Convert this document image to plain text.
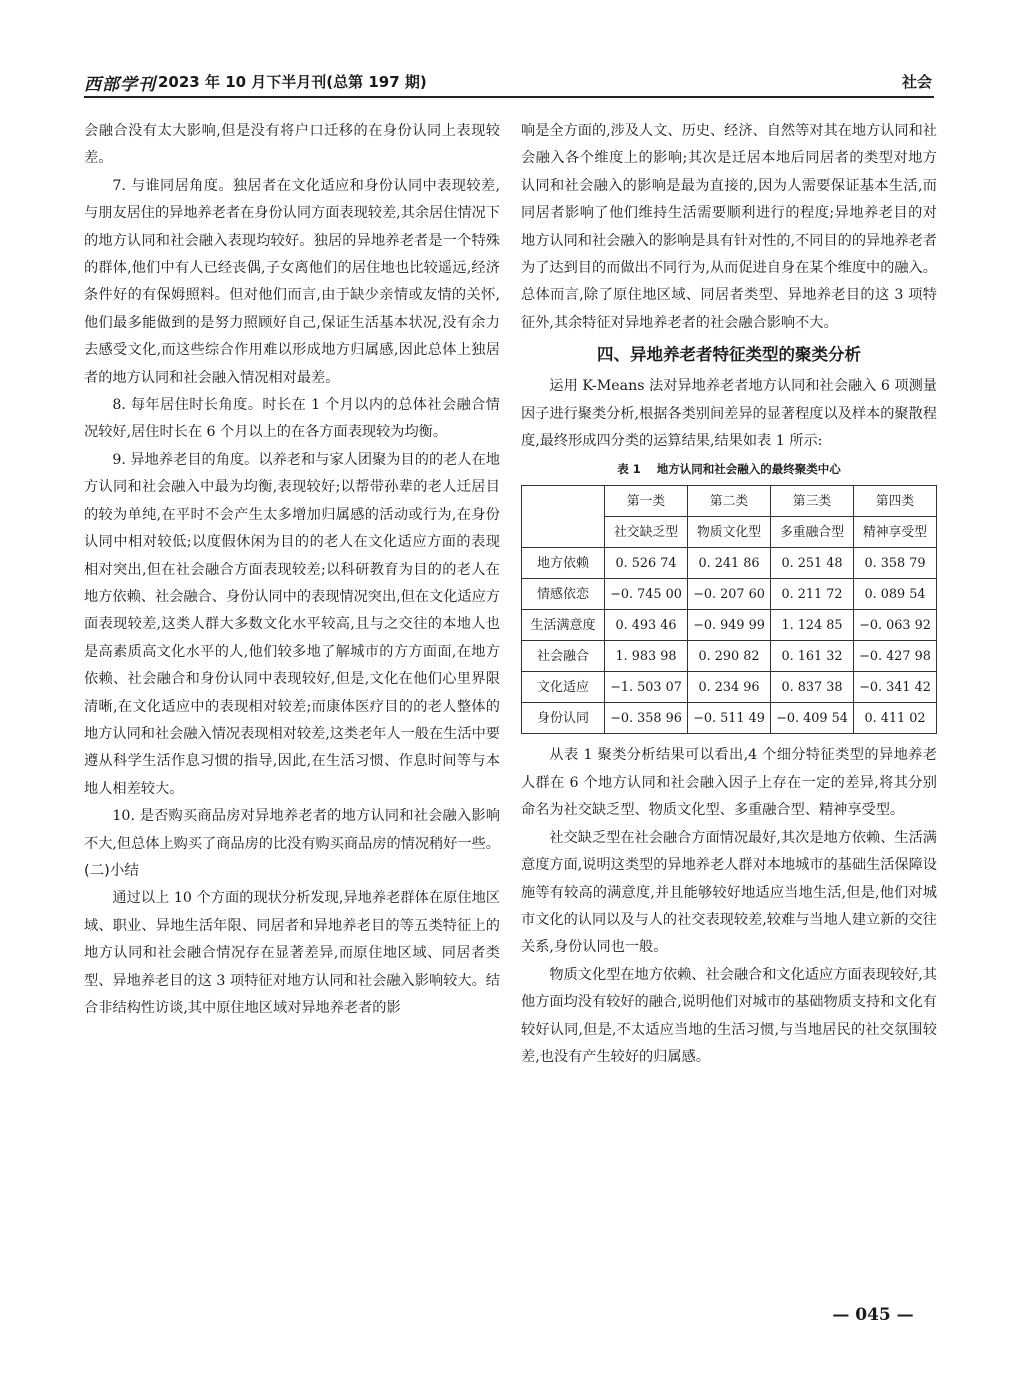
西部学刊 2023 年 10 月下半月刊(总第 197 期)	社会

会融合没有太大影响,但是没有将户口迁移的在身份认同上表现较差。

7. 与谁同居角度。独居者在文化适应和身份认同中表现较差,与朋友居住的异地养老者在身份认同方面表现较差,其余居住情况下的地方认同和社会融入表现均较好。独居的异地养老者是一个特殊的群体,他们中有人已经丧偶,子女离他们的居住地也比较遥远,经济条件好的有保姆照料。但对他们而言,由于缺少亲情或友情的关怀,他们最多能做到的是努力照顾好自己,保证生活基本状况,没有余力去感受文化,而这些综合作用难以形成地方归属感,因此总体上独居者的地方认同和社会融入情况相对最差。

8. 每年居住时长角度。时长在 1 个月以内的总体社会融合情况较好,居住时长在 6 个月以上的在各方面表现较为均衡。

9. 异地养老目的角度。以养老和与家人团聚为目的的老人在地方认同和社会融入中最为均衡,表现较好;以帮带孙辈的老人迁居目的较为单纯,在平时不会产生太多增加归属感的活动或行为,在身份认同中相对较低;以度假休闲为目的的老人在文化适应方面的表现相对突出,但在社会融合方面表现较差;以科研教育为目的的老人在地方依赖、社会融合、身份认同中的表现情况突出,但在文化适应方面表现较差,这类人群大多数文化水平较高,且与之交往的本地人也是高素质高文化水平的人,他们较多地了解城市的方方面面,在地方依赖、社会融合和身份认同中表现较好,但是,文化在他们心里界限清晰,在文化适应中的表现相对较差;而康体医疗目的的老人整体的地方认同和社会融入情况表现相对较差,这类老年人一般在生活中要遵从科学生活作息习惯的指导,因此,在生活习惯、作息时间等与本地人相差较大。

10. 是否购买商品房对异地养老者的地方认同和社会融入影响不大,但总体上购买了商品房的比没有购买商品房的情况稍好一些。

(二)小结

通过以上 10 个方面的现状分析发现,异地养老群体在原住地区域、职业、异地生活年限、同居者和异地养老目的等五类特征上的地方认同和社会融合情况存在显著差异,而原住地区域、同居者类型、异地养老目的这 3 项特征对地方认同和社会融入影响较大。结合非结构性访谈,其中原住地区域对异地养老者的影

响是全方面的,涉及人文、历史、经济、自然等对其在地方认同和社会融入各个维度上的影响;其次是迁居本地后同居者的类型对地方认同和社会融入的影响是最为直接的,因为人需要保证基本生活,而同居者影响了他们维持生活需要顺利进行的程度;异地养老目的对地方认同和社会融入的影响是具有针对性的,不同目的的异地养老者为了达到目的而做出不同行为,从而促进自身在某个维度中的融入。总体而言,除了原住地区域、同居者类型、异地养老目的这 3 项特征外,其余特征对异地养老者的社会融合影响不大。

四、异地养老者特征类型的聚类分析

运用 K-Means 法对异地养老者地方认同和社会融入 6 项测量因子进行聚类分析,根据各类别间差异的显著程度以及样本的聚散程度,最终形成四分类的运算结果,结果如表 1 所示:

表 1 地方认同和社会融入的最终聚类中心
	第一类	第二类	第三类	第四类
	社交缺乏型	物质文化型	多重融合型	精神享受型
地方依赖	0. 526 74	0. 241 86	0. 251 48	0. 358 79
情感依恋	−0. 745 00	−0. 207 60	0. 211 72	0. 089 54
生活满意度	0. 493 46	−0. 949 99	1. 124 85	−0. 063 92
社会融合	1. 983 98	0. 290 82	0. 161 32	−0. 427 98
文化适应	−1. 503 07	0. 234 96	0. 837 38	−0. 341 42
身份认同	−0. 358 96	−0. 511 49	−0. 409 54	0. 411 02

从表 1 聚类分析结果可以看出,4 个细分特征类型的异地养老人群在 6 个地方认同和社会融入因子上存在一定的差异,将其分别命名为社交缺乏型、物质文化型、多重融合型、精神享受型。

社交缺乏型在社会融合方面情况最好,其次是地方依赖、生活满意度方面,说明这类型的异地养老人群对本地城市的基础生活保障设施等有较高的满意度,并且能够较好地适应当地生活,但是,他们对城市文化的认同以及与人的社交表现较差,较难与当地人建立新的交往关系,身份认同也一般。

物质文化型在地方依赖、社会融合和文化适应方面表现较好,其他方面均没有较好的融合,说明他们对城市的基础物质支持和文化有较好认同,但是,不太适应当地的生活习惯,与当地居民的社交氛围较差,也没有产生较好的归属感。

— 045 —
